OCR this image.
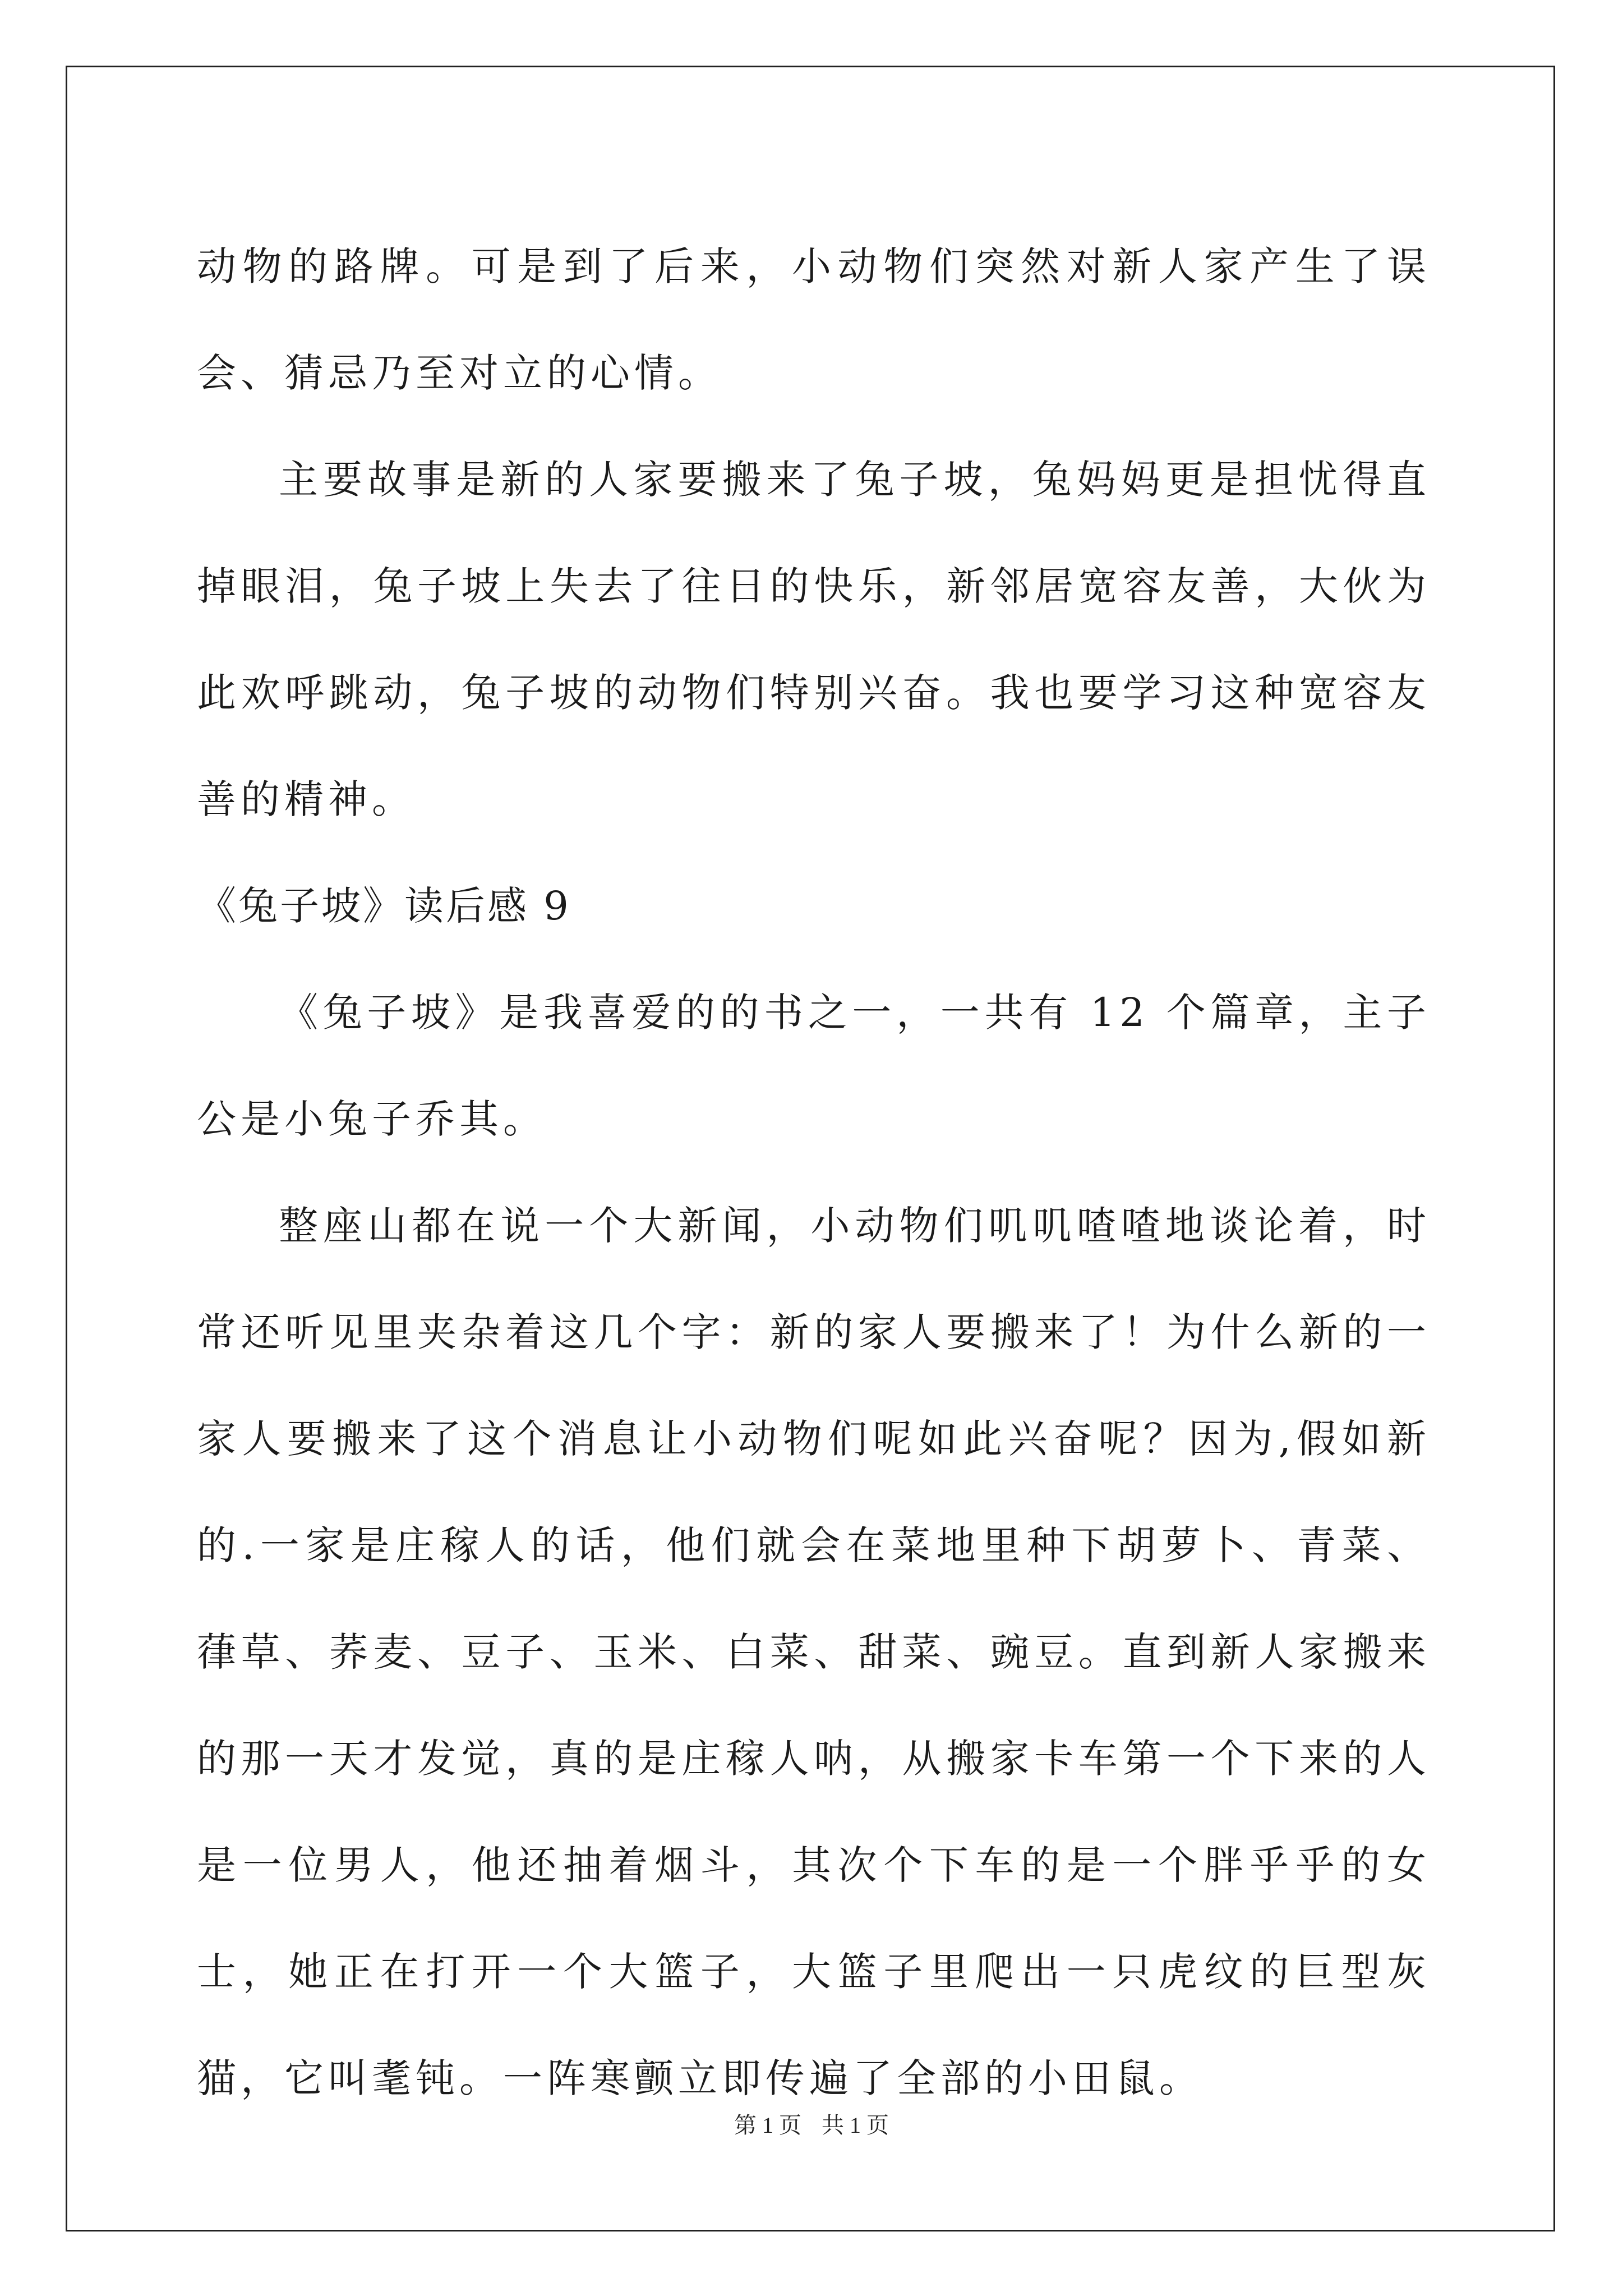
动物的路牌。可是到了后来，小动物们突然对新人家产生了误会、猜忌乃至对立的心情。

主要故事是新的人家要搬来了兔子坡，兔妈妈更是担忧得直掉眼泪，兔子坡上失去了往日的快乐，新邻居宽容友善，大伙为此欢呼跳动，兔子坡的动物们特别兴奋。我也要学习这种宽容友善的精神。

《兔子坡》读后感 9

《兔子坡》是我喜爱的的书之一，一共有 12 个篇章，主子公是小兔子乔其。

整座山都在说一个大新闻，小动物们叽叽喳喳地谈论着，时常还听见里夹杂着这几个字：新的家人要搬来了！为什么新的一家人要搬来了这个消息让小动物们呢如此兴奋呢？因为,假如新的.一家是庄稼人的话，他们就会在菜地里种下胡萝卜、青菜、葎草、荞麦、豆子、玉米、白菜、甜菜、豌豆。直到新人家搬来的那一天才发觉，真的是庄稼人呐，从搬家卡车第一个下来的人是一位男人，他还抽着烟斗，其次个下车的是一个胖乎乎的女士，她正在打开一个大篮子，大篮子里爬出一只虎纹的巨型灰猫，它叫耄钝。一阵寒颤立即传遍了全部的小田鼠。

第 1 页 共 1 页
